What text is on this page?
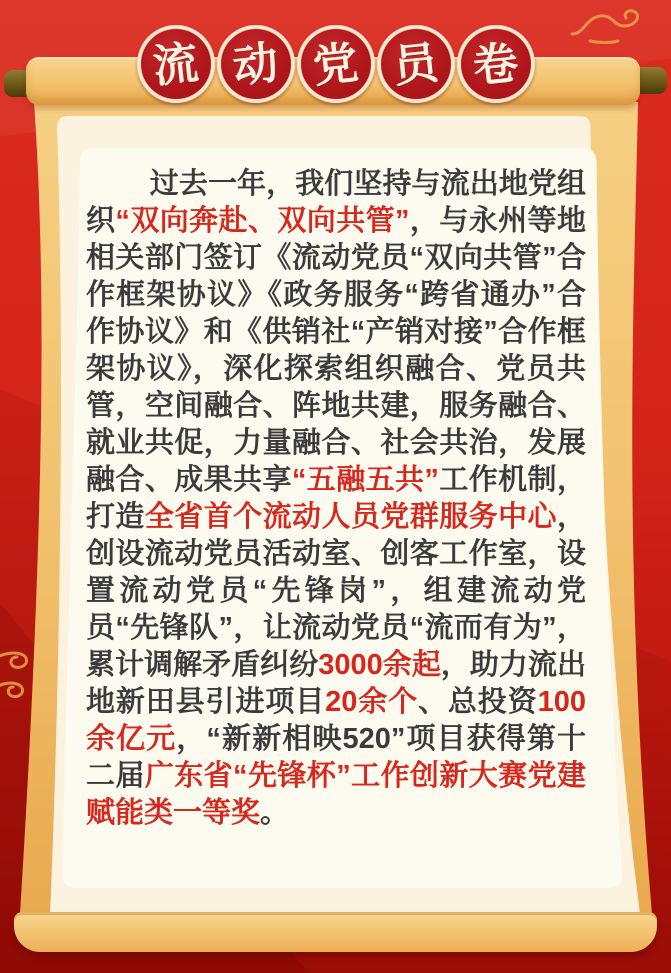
流 动 党 员 卷

过去一年，我们坚持与流出地党组织“双向奔赴、双向共管”，与永州等地相关部门签订《流动党员“双向共管”合作框架协议》《政务服务“跨省通办”合作协议》和《供销社“产销对接”合作框架协议》，深化探索组织融合、党员共管，空间融合、阵地共建，服务融合、就业共促，力量融合、社会共治，发展融合、成果共享“五融五共”工作机制，打造全省首个流动人员党群服务中心，创设流动党员活动室、创客工作室，设置流动党员“先锋岗”，组建流动党员“先锋队”，让流动党员“流而有为”，累计调解矛盾纠纷3000余起，助力流出地新田县引进项目20余个、总投资100余亿元，“新新相映520”项目获得第十二届广东省“先锋杯”工作创新大赛党建赋能类一等奖。
